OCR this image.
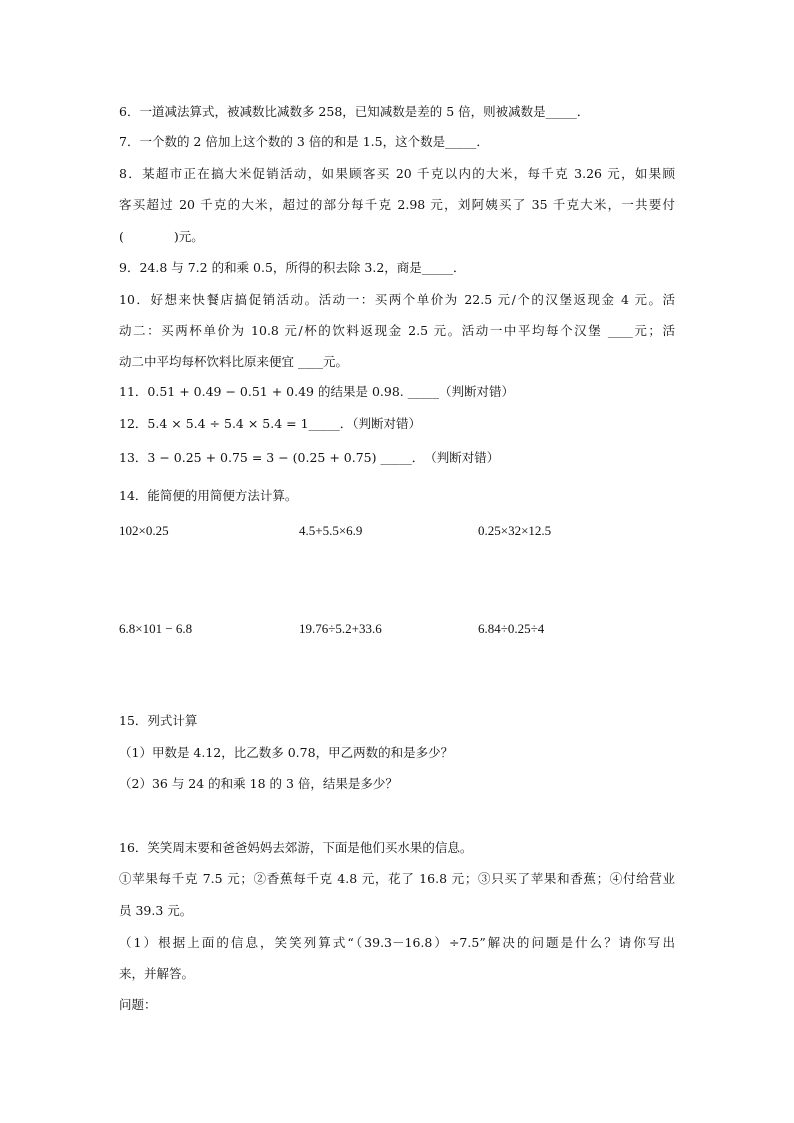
6．一道减法算式，被减数比减数多 258，已知减数是差的 5 倍，则被减数是_____．
7．一个数的 2 倍加上这个数的 3 倍的和是 1.5，这个数是_____．
8．某超市正在搞大米促销活动，如果顾客买 20 千克以内的大米，每千克 3.26 元，如果顾
客买超过 20 千克的大米，超过的部分每千克 2.98 元，刘阿姨买了 35 千克大米，一共要付
(　　　　)元。
9．24.8 与 7.2 的和乘 0.5，所得的积去除 3.2，商是_____．
10．好想来快餐店搞促销活动。活动一：买两个单价为 22.5 元/个的汉堡返现金 4 元。活
动二：买两杯单价为 10.8 元/杯的饮料返现金 2.5 元。活动一中平均每个汉堡 ____元；活
动二中平均每杯饮料比原来便宜 ____元。
11．0.51 + 0.49 − 0.51 + 0.49 的结果是 0.98. _____（判断对错）
12．5.4 × 5.4 ÷ 5.4 × 5.4 = 1_____．（判断对错）
13．3 − 0.25 + 0.75 = 3 − (0.25 + 0.75) _____．　（判断对错）
14．能简便的用简便方法计算。
102×0.25	4.5+5.5×6.9	0.25×32×12.5
6.8×101 − 6.8	19.76÷5.2+33.6	6.84÷0.25÷4
15．列式计算
（1）甲数是 4.12，比乙数多 0.78，甲乙两数的和是多少？
（2）36 与 24 的和乘 18 的 3 倍，结果是多少？
16．笑笑周末要和爸爸妈妈去郊游，下面是他们买水果的信息。
①苹果每千克 7.5 元；②香蕉每千克 4.8 元，花了 16.8 元；③只买了苹果和香蕉；④付给营业
员 39.3 元。
（1）根据上面的信息，笑笑列算式“（39.3－16.8）÷7.5”解决的问题是什么？请你写出
来，并解答。
问题：
